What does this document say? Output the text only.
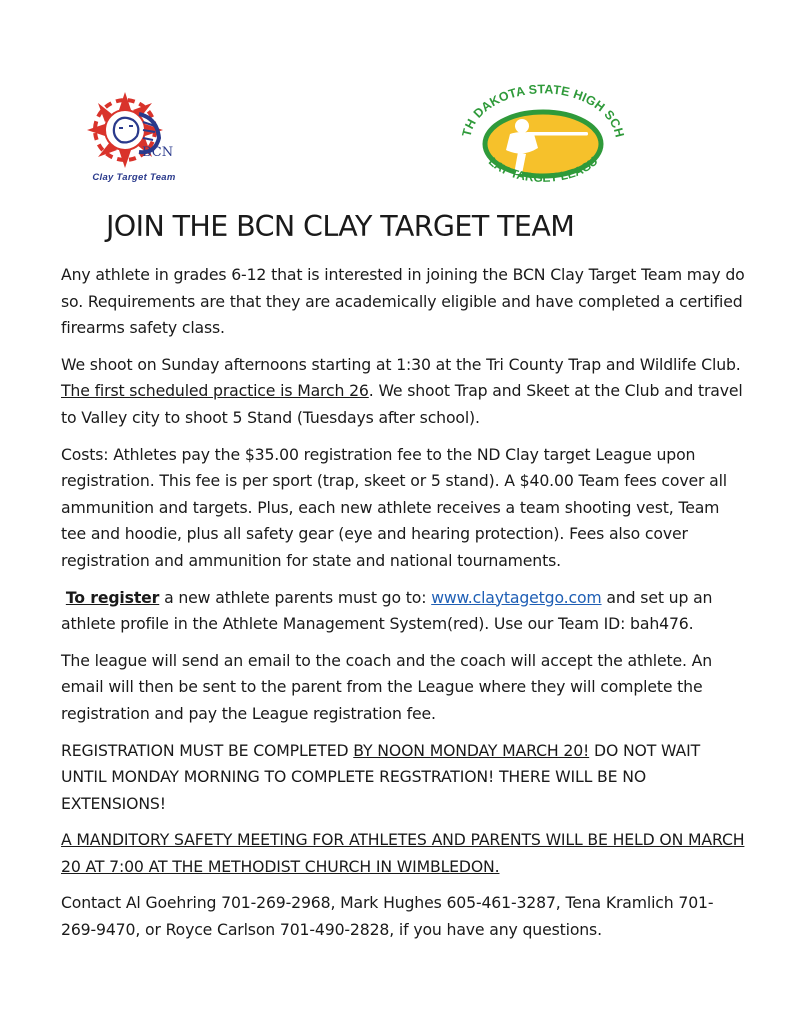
BCN
Clay Target Team
TH DAKOTA STATE HIGH SCH
LAY TARGET LEAGU
JOIN THE BCN CLAY TARGET TEAM

Any athlete in grades 6-12 that is interested in joining the BCN Clay Target Team may do so. Requirements are that they are academically eligible and have completed a certified firearms safety class.

We shoot on Sunday afternoons starting at 1:30 at the Tri County Trap and Wildlife Club. The first scheduled practice is March 26. We shoot Trap and Skeet at the Club and travel to Valley city to shoot 5 Stand (Tuesdays after school).

Costs: Athletes pay the $35.00 registration fee to the ND Clay target League upon registration. This fee is per sport (trap, skeet or 5 stand). A $40.00 Team fees cover all ammunition and targets. Plus, each new athlete receives a team shooting vest, Team tee and hoodie, plus all safety gear (eye and hearing protection). Fees also cover registration and ammunition for state and national tournaments.

To register a new athlete parents must go to: www.claytagetgo.com and set up an athlete profile in the Athlete Management System(red). Use our Team ID: bah476.

The league will send an email to the coach and the coach will accept the athlete. An email will then be sent to the parent from the League where they will complete the registration and pay the League registration fee.

REGISTRATION MUST BE COMPLETED BY NOON MONDAY MARCH 20! DO NOT WAIT UNTIL MONDAY MORNING TO COMPLETE REGSTRATION! THERE WILL BE NO EXTENSIONS!

A MANDITORY SAFETY MEETING FOR ATHLETES AND PARENTS WILL BE HELD ON MARCH 20 AT 7:00 AT THE METHODIST CHURCH IN WIMBLEDON.

Contact Al Goehring 701-269-2968, Mark Hughes 605-461-3287, Tena Kramlich 701-269-9470, or Royce Carlson 701-490-2828, if you have any questions.
